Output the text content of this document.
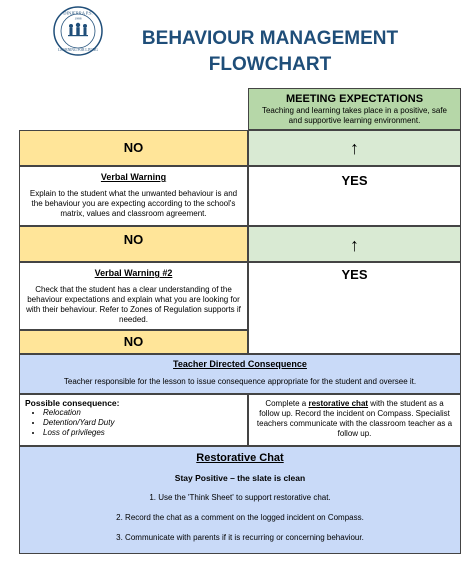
DINJERRA P.S.
1988
LEARNING FOR LIVING
BEHAVIOUR MANAGEMENT
FLOWCHART
MEETING EXPECTATIONS
Teaching and learning takes place in a positive, safe and supportive learning environment.
NO	↑
Verbal Warning
Explain to the student what the unwanted behaviour is and the behaviour you are expecting according to the school's matrix, values and classroom agreement.
YES
NO	↑
Verbal Warning #2
Check that the student has a clear understanding of the behaviour expectations and explain what you are looking for with their behaviour. Refer to Zones of Regulation supports if needed.
YES
NO
Teacher Directed Consequence
Teacher responsible for the lesson to issue consequence appropriate for the student and oversee it.
Possible consequence:
• Relocation
• Detention/Yard Duty
• Loss of privileges
Complete a restorative chat with the student as a follow up. Record the incident on Compass. Specialist teachers communicate with the classroom teacher as a follow up.
Restorative Chat
Stay Positive – the slate is clean
1. Use the 'Think Sheet' to support restorative chat.
2. Record the chat as a comment on the logged incident on Compass.
3. Communicate with parents if it is recurring or concerning behaviour.
